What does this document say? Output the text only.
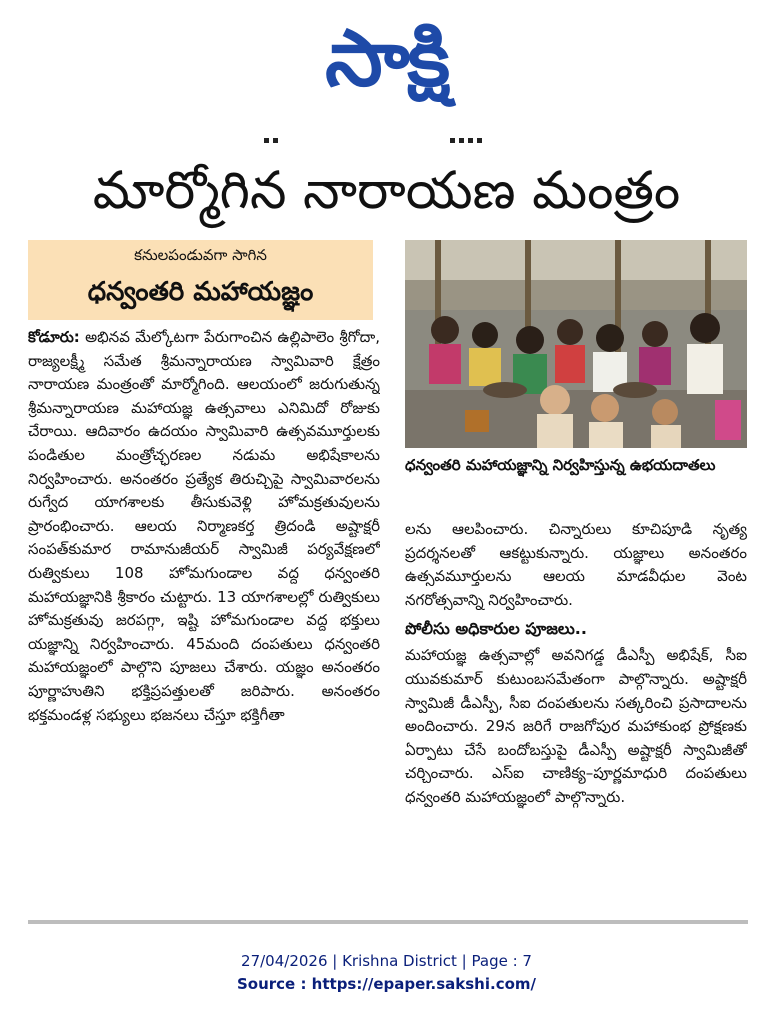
సాక్షి
మార్మోగిన నారాయణ మంత్రం
కనులపండువగా సాగిన
ధన్వంతరి మహాయజ్ఞం

కోడూరు: అభినవ మేల్కోటగా పేరుగాంచిన ఉల్లిపాలెం శ్రీగోదా, రాజ్యలక్ష్మీ సమేత శ్రీమన్నారాయణ స్వామివారి క్షేత్రం నారాయణ మంత్రంతో మార్మోగింది. ఆలయంలో జరుగుతున్న శ్రీమన్నారాయణ మహాయజ్ఞ ఉత్సవాలు ఎనిమిదో రోజుకు చేరాయి. ఆదివారం ఉదయం స్వామివారి ఉత్సవమూర్తులకు పండితుల మంత్రోచ్ఛరణల నడుమ అభిషేకాలను నిర్వహించారు. అనంతరం ప్రత్యేక తిరుచ్చిపై స్వామివారలను రుగ్వేద యాగశాలకు తీసుకువెళ్లి హోమక్రతువులను ప్రారంభించారు. ఆలయ నిర్మాణకర్త త్రిదండి అష్టాక్షరీ సంపత్‌కుమార రామానుజీయర్ స్వామిజీ పర్యవేక్షణలో రుత్వికులు 108 హోమగుండాల వద్ద ధన్వంతరి మహాయజ్ఞానికి శ్రీకారం చుట్టారు. 13 యాగశాలల్లో రుత్వికులు హోమక్రతువు జరపగ్గా, ఇష్టి హోమగుండాల వద్ద భక్తులు యజ్ఞాన్ని నిర్వహించారు. 45మంది దంపతులు ధన్వంతరి మహాయజ్ఞంలో పాల్గొని పూజలు చేశారు. యజ్ఞం అనంతరం పూర్ణాహుతిని భక్తిప్రపత్తులతో జరిపారు. అనంతరం భక్తమండళ్ల సభ్యులు భజనలు చేస్తూ భక్తిగీతా

ధన్వంతరి మహాయజ్ఞాన్ని నిర్వహిస్తున్న ఉభయదాతలు

లను ఆలపించారు. చిన్నారులు కూచిపూడి నృత్య ప్రదర్శనలతో ఆకట్టుకున్నారు. యజ్ఞాలు అనంతరం ఉత్సవమూర్తులను ఆలయ మాడవీధుల వెంట నగరోత్సవాన్ని నిర్వహించారు.

పోలీసు అధికారుల పూజలు..

మహాయజ్ఞ ఉత్సవాల్లో అవనిగడ్డ డీఎస్పీ అభిషేక్, సీఐ యువకుమార్ కుటుంబసమేతంగా పాల్గొన్నారు. అష్టాక్షరీ స్వామిజీ డీఎస్పీ, సీఐ దంపతులను సత్కరించి ప్రసాదాలను అందించారు. 29న జరిగే రాజగోపుర మహాకుంభ ప్రోక్షణకు ఏర్పాటు చేసే బందోబస్తుపై డీఎస్పీ అష్టాక్షరీ స్వామిజీతో చర్చించారు. ఎస్ఐ చాణిక్య–పూర్ణమాధురి దంపతులు ధన్వంతరి మహాయజ్ఞంలో పాల్గొన్నారు.

27/04/2026 | Krishna District | Page : 7
Source : https://epaper.sakshi.com/
